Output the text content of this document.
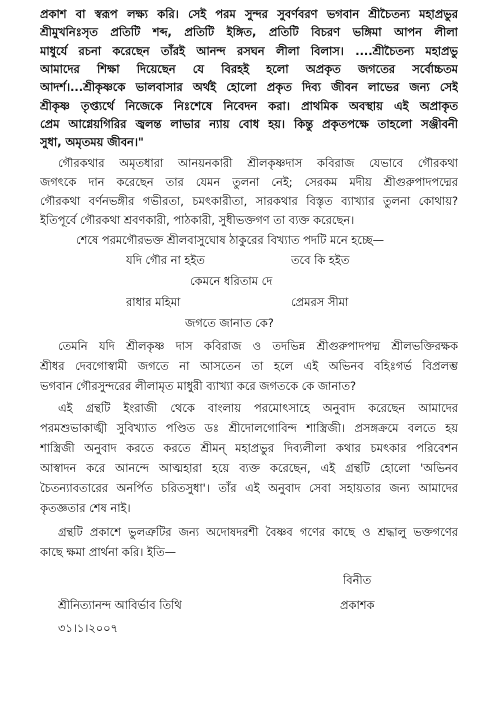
প্রকাশ বা স্বরূপ লক্ষ্য করি। সেই পরম সুন্দর সুবর্ণবরণ ভগবান শ্রীচৈতন্য মহাপ্রভুর
শ্রীমুখনিঃসৃত প্রতিটি শব্দ, প্রতিটি ইঙ্গিত, প্রতিটি বিচরণ ভঙ্গিমা আপন লীলা
মাধুর্যে রচনা করেছেন তাঁরই আনন্দ রসঘন লীলা বিলাস। ....শ্রীচৈতন্য মহাপ্রভু
আমাদের শিক্ষা দিয়েছেন যে বিরহই হলো অপ্রকৃত জগতের সর্বোচ্চতম
আদর্শ।...শ্রীকৃষ্ণকে ভালবাসার অর্থই হোলো প্রকৃত দিব্য জীবন লাভের জন্য সেই
শ্রীকৃষ্ণ তৃপ্ত্যর্থে নিজেকে নিঃশেষে নিবেদন করা। প্রাথমিক অবস্থায় এই অপ্রাকৃত
প্রেম আগ্নেয়গিরির জ্বলন্ত লাভার ন্যায় বোধ হয়। কিন্তু প্রকৃতপক্ষে তাহলো সঞ্জীবনী
সুধা, অমৃতময় জীবন।"
গৌরকথার অমৃতধারা আনয়নকারী শ্রীলকৃষ্ণদাস কবিরাজ যেভাবে গৌরকথা
জগৎকে দান করেছেন তার যেমন তুলনা নেই; সেরকম মদীয় শ্রীগুরুপাদপদ্মের
গৌরকথা বর্ণনভঙ্গীর গভীরতা, চমৎকারীতা, সারকথার বিস্তৃত ব্যাখ্যার তুলনা কোথায়?
ইতিপূর্বে গৌরকথা শ্রবণকারী, পাঠকারী, সুধীভক্তগণ তা ব্যক্ত করেছেন।
শেষে পরমগৌরভক্ত শ্রীলবাসুঘোষ ঠাকুরের বিখ্যাত পদটি মনে হচ্ছে—
যদি গৌর না হইত	তবে কি হইত
কেমনে ধরিতাম দে
রাধার মহিমা	প্রেমরস সীমা
জগতে জানাত কে?
তেমনি যদি শ্রীলকৃষ্ণ দাস কবিরাজ ও তদভিন্ন শ্রীগুরুপাদপদ্ম শ্রীলভক্তিরক্ষক
শ্রীধর দেবগোস্বামী জগতে না আসতেন তা হলে এই অভিনব বহিঃগর্ভ বিপ্রলম্ভ
ভগবান গৌরসুন্দরের লীলামৃত মাধুরী ব্যাখ্যা করে জগতকে কে জানাত?
এই গ্রন্থটি ইংরাজী থেকে বাংলায় পরমোৎসাহে অনুবাদ করেছেন আমাদের
পরমশুভাকাঙ্খী সুবিখ্যাত পণ্ডিত ডঃ শ্রীদোলগোবিন্দ শাস্ত্রিজী। প্রসঙ্গক্রমে বলতে হয়
শাস্ত্রিজী অনুবাদ করতে করতে শ্রীমন্ মহাপ্রভুর দিব্যলীলা কথার চমৎকার পরিবেশন
আস্বাদন করে আনন্দে আত্মহারা হয়ে ব্যক্ত করেছেন, এই গ্রন্থটি হোলো 'অভিনব
চৈতন্যাবতারের অনর্পিত চরিতসুধা'। তাঁর এই অনুবাদ সেবা সহায়তার জন্য আমাদের
কৃতজ্ঞতার শেষ নাই।
গ্রন্থটি প্রকাশে ভুলত্রুটির জন্য অদোষদরশী বৈষ্ণব গণের কাছে ও শ্রদ্ধালু ভক্তগণের
কাছে ক্ষমা প্রার্থনা করি। ইতি—
বিনীত
শ্রীনিত্যানন্দ আবির্ভাব তিথি	প্রকাশক
৩১।১।২০০৭
